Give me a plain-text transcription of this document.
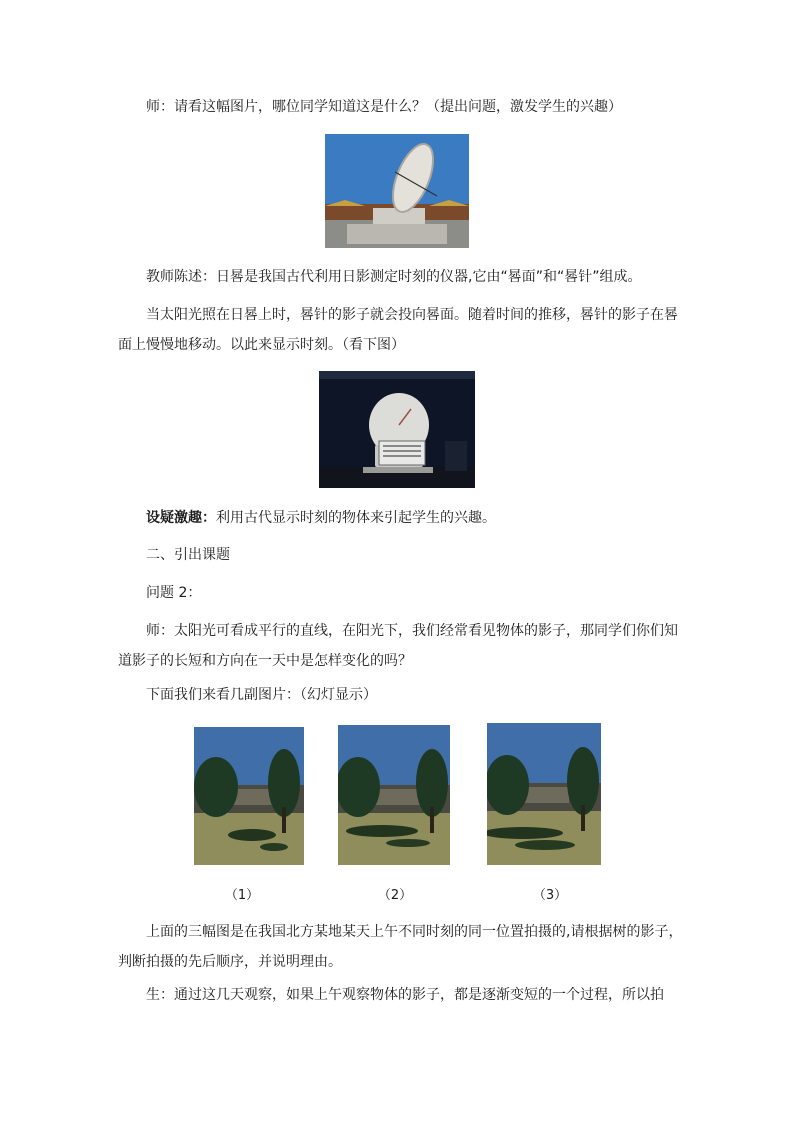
师：请看这幅图片，哪位同学知道这是什么？（提出问题，激发学生的兴趣）

教师陈述：日晷是我国古代利用日影测定时刻的仪器,它由“晷面”和“晷针”组成。

当太阳光照在日晷上时，晷针的影子就会投向晷面。随着时间的推移，晷针的影子在晷面上慢慢地移动。以此来显示时刻。（看下图）

设疑激趣：利用古代显示时刻的物体来引起学生的兴趣。

二、引出课题

问题 2：

师：太阳光可看成平行的直线，在阳光下，我们经常看见物体的影子，那同学们你们知道影子的长短和方向在一天中是怎样变化的吗？

下面我们来看几副图片：（幻灯显示）

（1）	（2）	（3）

上面的三幅图是在我国北方某地某天上午不同时刻的同一位置拍摄的,请根据树的影子，判断拍摄的先后顺序，并说明理由。

生：通过这几天观察，如果上午观察物体的影子，都是逐渐变短的一个过程，所以拍
